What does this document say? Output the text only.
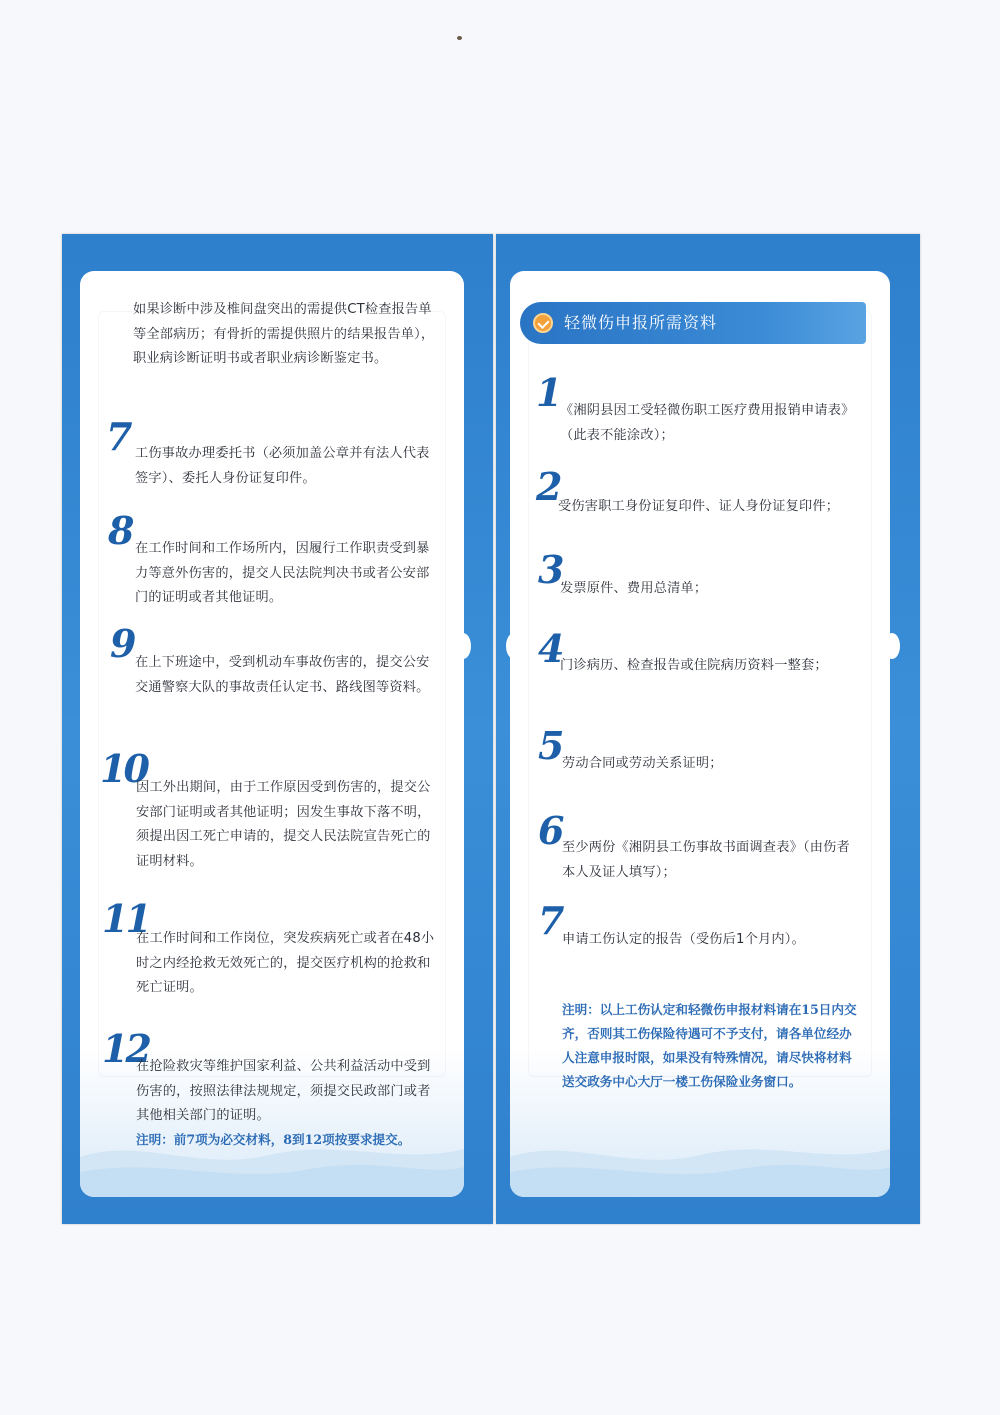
轻微伤申报所需资料
如果诊断中涉及椎间盘突出的需提供CT检查报告单等全部病历；有骨折的需提供照片的结果报告单），职业病诊断证明书或者职业病诊断鉴定书。
7 工伤事故办理委托书（必须加盖公章并有法人代表签字）、委托人身份证复印件。
8 在工作时间和工作场所内，因履行工作职责受到暴力等意外伤害的，提交人民法院判决书或者公安部门的证明或者其他证明。
9
在上下班途中，受到机动车事故伤害的，提交公安交通警察大队的事故责任认定书、路线图等资料。
10
因工外出期间，由于工作原因受到伤害的，提交公安部门证明或者其他证明；因发生事故下落不明，须提出因工死亡申请的，提交人民法院宣告死亡的证明材料。
11
在工作时间和工作岗位，突发疾病死亡或者在48小时之内经抢救无效死亡的，提交医疗机构的抢救和死亡证明。
12
在抢险救灾等维护国家利益、公共利益活动中受到伤害的，按照法律法规规定，须提交民政部门或者其他相关部门的证明。
注明：前7项为必交材料，8到12项按要求提交。
1
《湘阴县因工受轻微伤职工医疗费用报销申请表》（此表不能涂改）；
2
受伤害职工身份证复印件、证人身份证复印件；
3
发票原件、费用总清单；
4
门诊病历、检查报告或住院病历资料一整套；
5
劳动合同或劳动关系证明；
6
至少两份《湘阴县工伤事故书面调查表》（由伤者本人及证人填写）；
7
申请工伤认定的报告（受伤后1个月内）。
注明：以上工伤认定和轻微伤申报材料请在15日内交齐，否则其工伤保险待遇可不予支付，请各单位经办人注意申报时限，如果没有特殊情况，请尽快将材料送交政务中心大厅一楼工伤保险业务窗口。
